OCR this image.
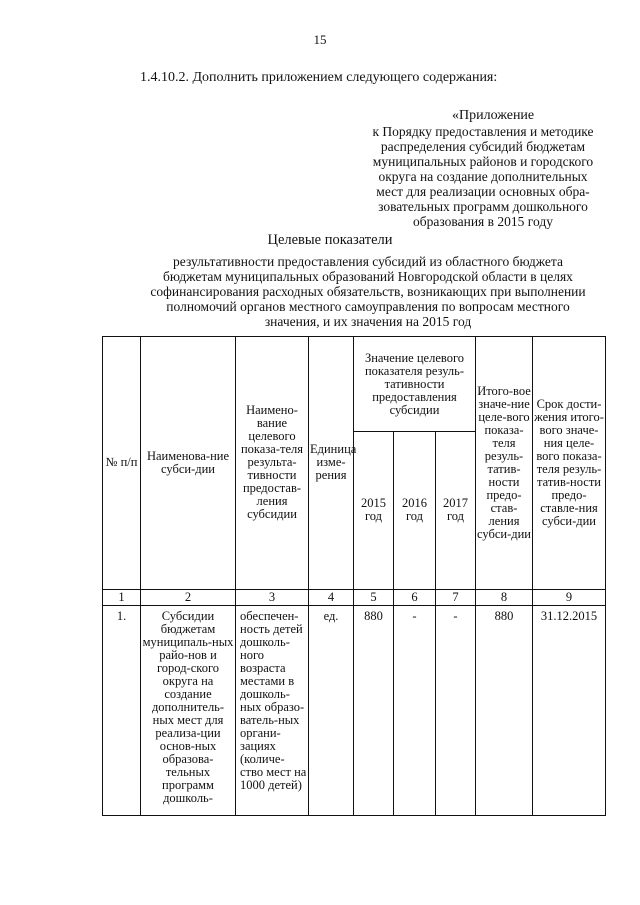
15
1.4.10.2. Дополнить приложением следующего содержания:
«Приложение
к Порядку предоставления и методике
распределения субсидий бюджетам
муниципальных районов и городского
округа на создание дополнительных
мест для реализации основных обра-
зовательных программ дошкольного
образования в 2015 году
Целевые показатели
результативности предоставления субсидий из областного бюджета
бюджетам муниципальных образований Новгородской области в целях
софинансирования расходных обязательств, возникающих при выполнении
полномочий органов местного самоуправления по вопросам местного
значения, и их значения на 2015 год
№ п/п	Наименова-ние субси-дии	Наимено-вание целевого показа-теля результа-тивности предостав-ления субсидии	Единица изме-рения	Значение целевого показателя резуль-тативности предоставления субсидии			Итого-вое значе-ние целе-вого показа-теля резуль-татив-ности предо-став-ления субси-дии	Срок дости-жения итого-вого значе-ния целе-вого показа-теля резуль-татив-ности предо-ставле-ния субси-дии
				2015 год	2016 год	2017 год		
1	2	3	4	5	6	7	8	9
1.	Субсидии бюджетам муниципаль-ных райо-нов и город-ского округа на создание дополнитель-ных мест для реализа-ции основ-ных образова-тельных программ дошколь-	обеспечен-ность детей дошколь-ного возраста местами в дошколь-ных образо-ватель-ных органи-зациях (количе-ство мест на 1000 детей)	ед.	880	-	-	880	31.12.2015
